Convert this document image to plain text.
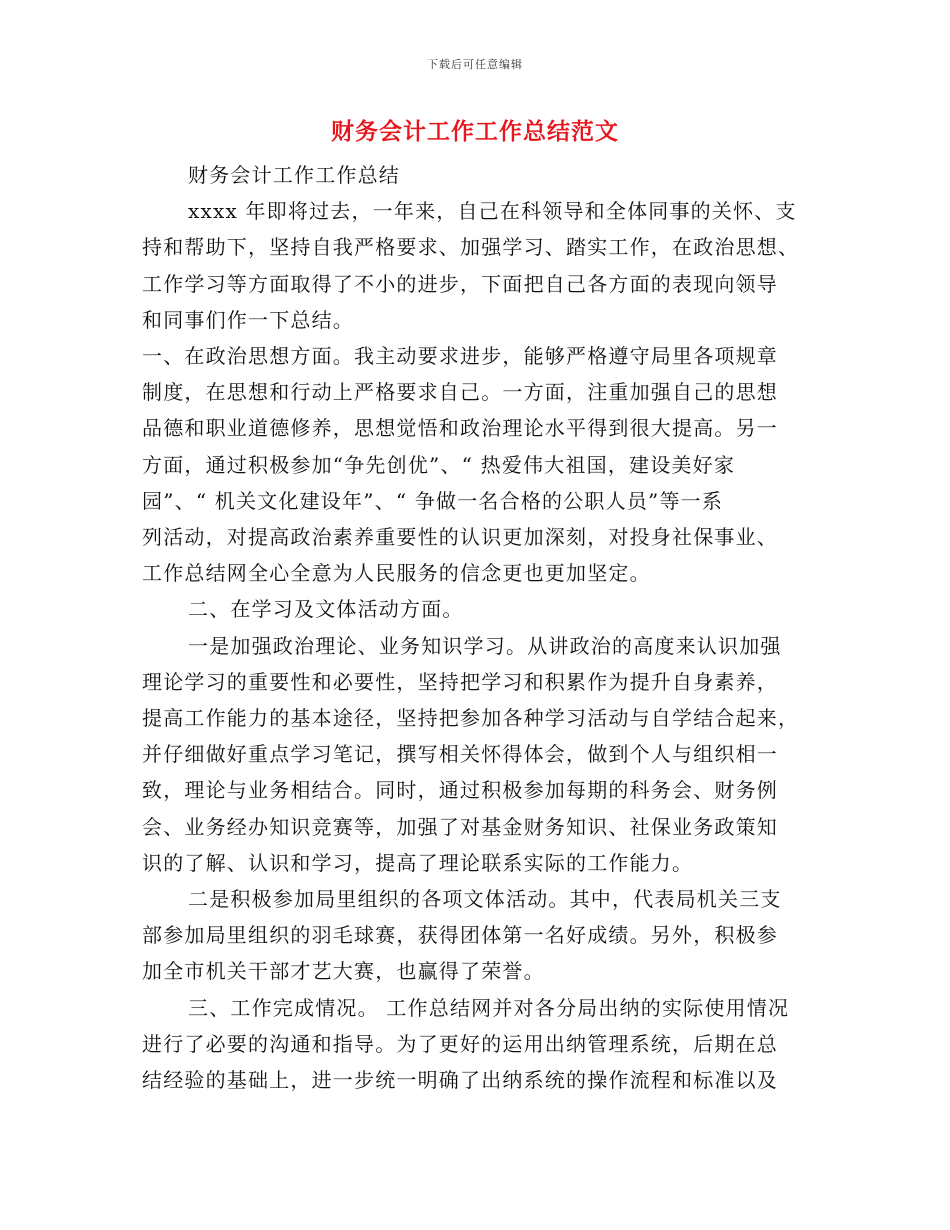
下载后可任意编辑
财务会计工作工作总结范文
财务会计工作工作总结
xxxx 年即将过去，一年来，自己在科领导和全体同事的关怀、支
持和帮助下，坚持自我严格要求、加强学习、踏实工作，在政治思想、
工作学习等方面取得了不小的进步，下面把自己各方面的表现向领导
和同事们作一下总结。
一、在政治思想方面。我主动要求进步，能够严格遵守局里各项规章
制度，在思想和行动上严格要求自己。一方面，注重加强自己的思想
品德和职业道德修养，思想觉悟和政治理论水平得到很大提高。另一
方面，通过积极参加“争先创优”、“ 热爱伟大祖国，建设美好家
园”、“ 机关文化建设年”、“ 争做一名合格的公职人员”等一系
列活动，对提高政治素养重要性的认识更加深刻，对投身社保事业、
工作总结网全心全意为人民服务的信念更也更加坚定。
二、在学习及文体活动方面。
一是加强政治理论、业务知识学习。从讲政治的高度来认识加强
理论学习的重要性和必要性，坚持把学习和积累作为提升自身素养，
提高工作能力的基本途径，坚持把参加各种学习活动与自学结合起来，
并仔细做好重点学习笔记，撰写相关怀得体会，做到个人与组织相一
致，理论与业务相结合。同时，通过积极参加每期的科务会、财务例
会、业务经办知识竞赛等，加强了对基金财务知识、社保业务政策知
识的了解、认识和学习，提高了理论联系实际的工作能力。
二是积极参加局里组织的各项文体活动。其中，代表局机关三支
部参加局里组织的羽毛球赛，获得团体第一名好成绩。另外，积极参
加全市机关干部才艺大赛，也赢得了荣誉。
三、工作完成情况。 工作总结网并对各分局出纳的实际使用情况
进行了必要的沟通和指导。为了更好的运用出纳管理系统，后期在总
结经验的基础上，进一步统一明确了出纳系统的操作流程和标准以及
